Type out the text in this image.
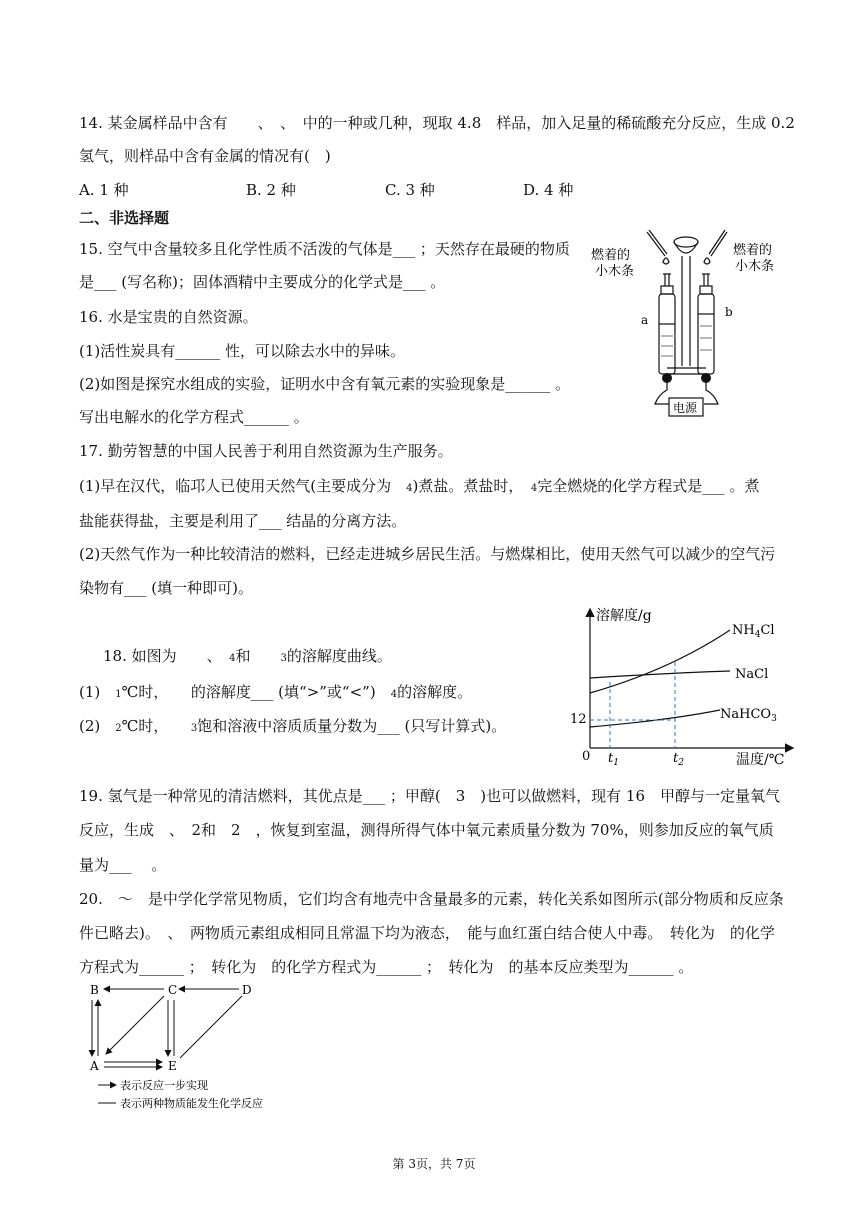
14. 某金属样品中含有　　、　、　中的一种或几种，现取 4.8　样品，加入足量的稀硫酸充分反应，生成 0.2
氢气，则样品中含有金属的情况有(　)
A. 1 种	B. 2 种	C. 3 种	D. 4 种
二、非选择题
15. 空气中含量较多且化学性质不活泼的气体是___ ；天然存在最硬的物质
是___ (写名称)；固体酒精中主要成分的化学式是___ 。
16. 水是宝贵的自然资源。
(1)活性炭具有______ 性，可以除去水中的异味。
(2)如图是探究水组成的实验，证明水中含有氧元素的实验现象是______ 。
写出电解水的化学方程式______ 。
燃着的小木条
燃着的小木条
a
b
电源
17. 勤劳智慧的中国人民善于利用自然资源为生产服务。
(1)早在汉代，临邛人已使用天然气(主要成分为　4)煮盐。煮盐时，　4完全燃烧的化学方程式是___ 。煮
盐能获得盐，主要是利用了___ 结晶的分离方法。
(2)天然气作为一种比较清洁的燃料，已经走进城乡居民生活。与燃煤相比，使用天然气可以减少的空气污
染物有___ (填一种即可)。
18. 如图为　　、　4和　　3的溶解度曲线。
(1)　1℃时，　　的溶解度___ (填“>”或“<”)　4的溶解度。
(2)　2℃时，　　3饱和溶液中溶质质量分数为___ (只写计算式)。
溶解度/g
温度/℃
0
12
$t_1$	$t_2$
$NH_4Cl$
NaCl
NaHCO$_3$
19. 氢气是一种常见的清洁燃料，其优点是___ ；甲醇(　3　)也可以做燃料，现有 16　甲醇与一定量氧气
反应，生成　、　2和　2　，恢复到室温，测得所得气体中氧元素质量分数为 70%，则参加反应的氧气质
量为___ 　。
20.　～　是中学化学常见物质，它们均含有地壳中含量最多的元素，转化关系如图所示(部分物质和反应条
件已略去)。　、　两物质元素组成相同且常温下均为液态，　能与血红蛋白结合使人中毒。　转化为　的化学
方程式为______ ；　转化为　的化学方程式为______ ；　转化为　的基本反应类型为______ 。
B	C	D
A	E
表示反应一步实现
表示两种物质能发生化学反应
第 3页，共 7页
